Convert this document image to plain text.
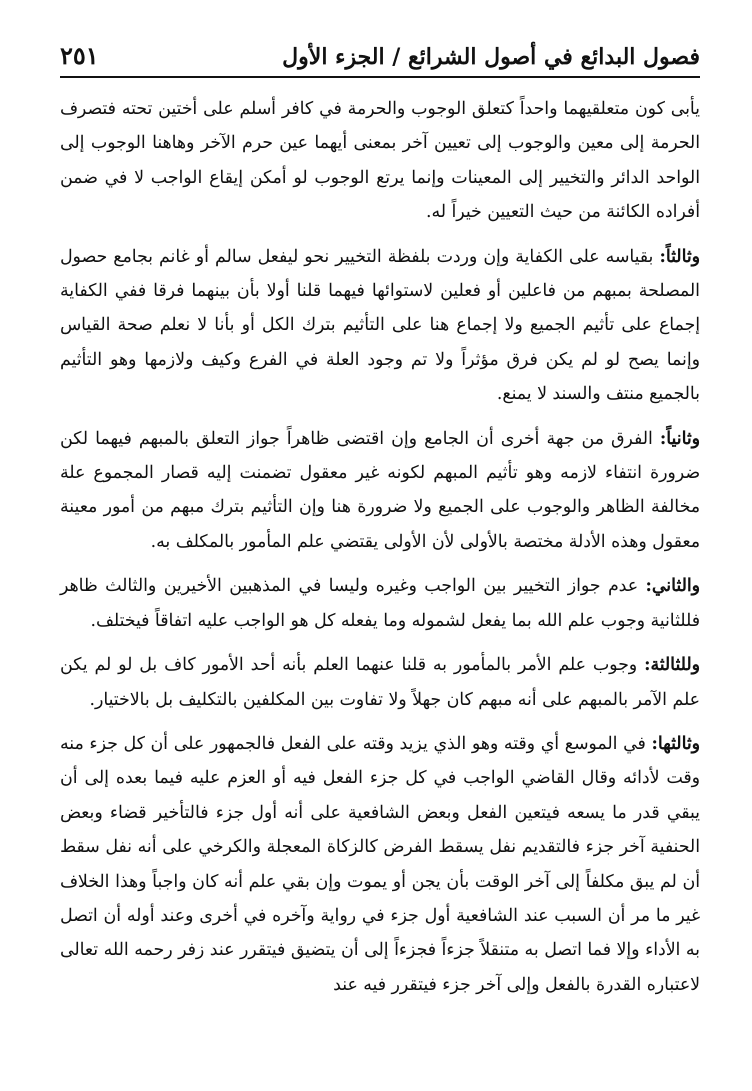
فصول البدائع في أصول الشرائع / الجزء الأول
٢٥١

يأبى كون متعلقيهما واحداً كتعلق الوجوب والحرمة في كافر أسلم على أختين تحته فتصرف الحرمة إلى معين والوجوب إلى تعيين آخر بمعنى أيهما عين حرم الآخر وهاهنا الوجوب إلى الواحد الدائر والتخيير إلى المعينات وإنما يرتع الوجوب لو أمكن إيقاع الواجب لا في ضمن أفراده الكائنة من حيث التعيين خيراً له.

وثالثاً: بقياسه على الكفاية وإن وردت بلفظة التخيير نحو ليفعل سالم أو غانم بجامع حصول المصلحة بمبهم من فاعلين أو فعلين لاستوائها فيهما قلنا أولا بأن بينهما فرقا ففي الكفاية إجماع على تأثيم الجميع ولا إجماع هنا على التأثيم بترك الكل أو بأنا لا نعلم صحة القياس وإنما يصح لو لم يكن فرق مؤثراً ولا تم وجود العلة في الفرع وكيف ولازمها وهو التأثيم بالجميع منتف والسند لا يمنع.

وثانياً: الفرق من جهة أخرى أن الجامع وإن اقتضى ظاهراً جواز التعلق بالمبهم فيهما لكن ضرورة انتفاء لازمه وهو تأثيم المبهم لكونه غير معقول تضمنت إليه قصار المجموع علة مخالفة الظاهر والوجوب على الجميع ولا ضرورة هنا وإن التأثيم بترك مبهم من أمور معينة معقول وهذه الأدلة مختصة بالأولى لأن الأولى يقتضي علم المأمور بالمكلف به.

والثاني: عدم جواز التخيير بين الواجب وغيره وليسا في المذهبين الأخيرين والثالث ظاهر فللثانية وجوب علم الله بما يفعل لشموله وما يفعله كل هو الواجب عليه اتفاقاً فيختلف.

وللثالثة: وجوب علم الأمر بالمأمور به قلنا عنهما العلم بأنه أحد الأمور كاف بل لو لم يكن علم الآمر بالمبهم على أنه مبهم كان جهلاً ولا تفاوت بين المكلفين بالتكليف بل بالاختيار.

وثالثها: في الموسع أي وقته وهو الذي يزيد وقته على الفعل فالجمهور على أن كل جزء منه وقت لأدائه وقال القاضي الواجب في كل جزء الفعل فيه أو العزم عليه فيما بعده إلى أن يبقي قدر ما يسعه فيتعين الفعل وبعض الشافعية على أنه أول جزء فالتأخير قضاء وبعض الحنفية آخر جزء فالتقديم نفل يسقط الفرض كالزكاة المعجلة والكرخي على أنه نفل سقط أن لم يبق مكلفاً إلى آخر الوقت بأن يجن أو يموت وإن بقي علم أنه كان واجباً وهذا الخلاف غير ما مر أن السبب عند الشافعية أول جزء في رواية وآخره في أخرى وعند أوله أن اتصل به الأداء وإلا فما اتصل به متنقلاً جزءاً فجزءاً إلى أن يتضيق فيتقرر عند زفر رحمه الله تعالى لاعتباره القدرة بالفعل وإلى آخر جزء فيتقرر فيه عند
